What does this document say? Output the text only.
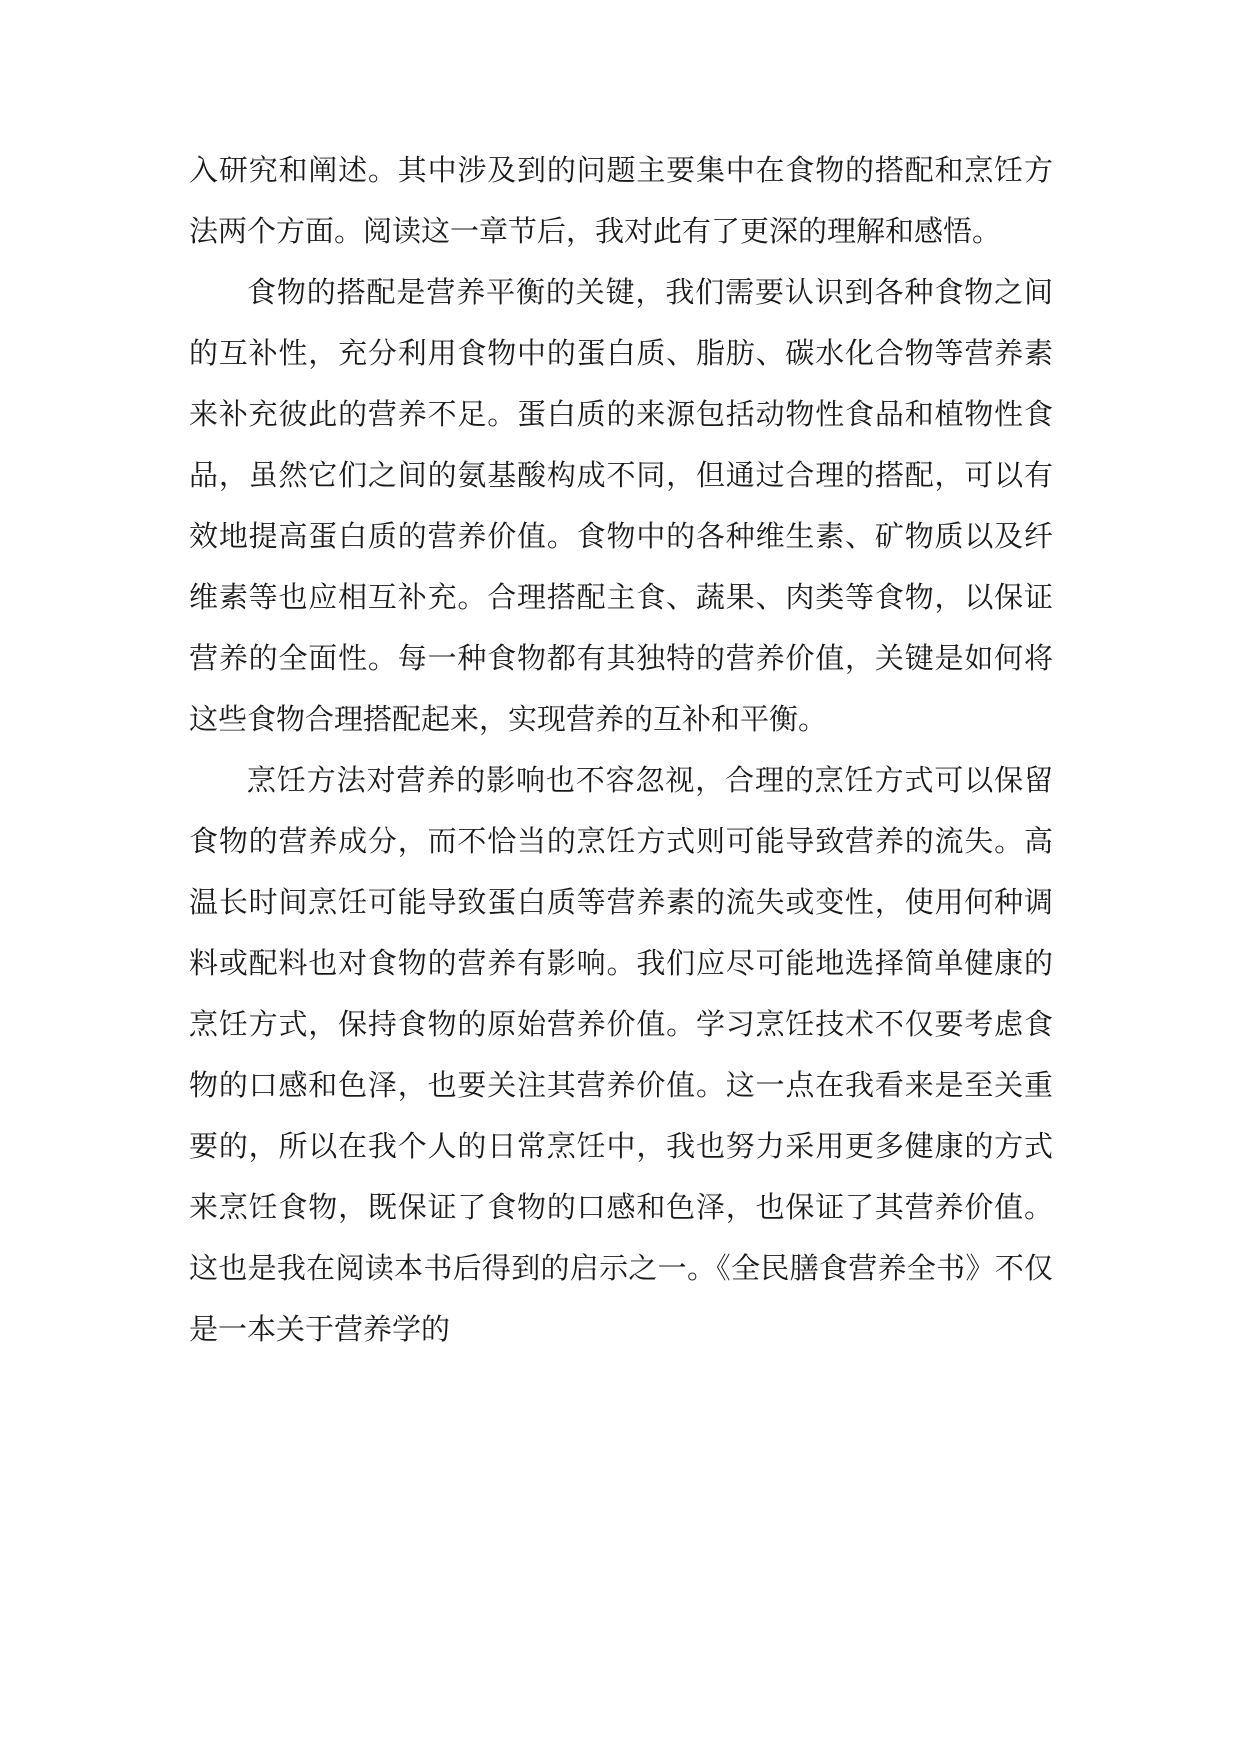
入研究和阐述。其中涉及到的问题主要集中在食物的搭配和烹饪方法两个方面。阅读这一章节后，我对此有了更深的理解和感悟。

食物的搭配是营养平衡的关键，我们需要认识到各种食物之间的互补性，充分利用食物中的蛋白质、脂肪、碳水化合物等营养素来补充彼此的营养不足。蛋白质的来源包括动物性食品和植物性食品，虽然它们之间的氨基酸构成不同，但通过合理的搭配，可以有效地提高蛋白质的营养价值。食物中的各种维生素、矿物质以及纤维素等也应相互补充。合理搭配主食、蔬果、肉类等食物，以保证营养的全面性。每一种食物都有其独特的营养价值，关键是如何将这些食物合理搭配起来，实现营养的互补和平衡。

烹饪方法对营养的影响也不容忽视，合理的烹饪方式可以保留食物的营养成分，而不恰当的烹饪方式则可能导致营养的流失。高温长时间烹饪可能导致蛋白质等营养素的流失或变性，使用何种调料或配料也对食物的营养有影响。我们应尽可能地选择简单健康的烹饪方式，保持食物的原始营养价值。学习烹饪技术不仅要考虑食物的口感和色泽，也要关注其营养价值。这一点在我看来是至关重要的，所以在我个人的日常烹饪中，我也努力采用更多健康的方式来烹饪食物，既保证了食物的口感和色泽，也保证了其营养价值。这也是我在阅读本书后得到的启示之一。《全民膳食营养全书》不仅是一本关于营养学的
